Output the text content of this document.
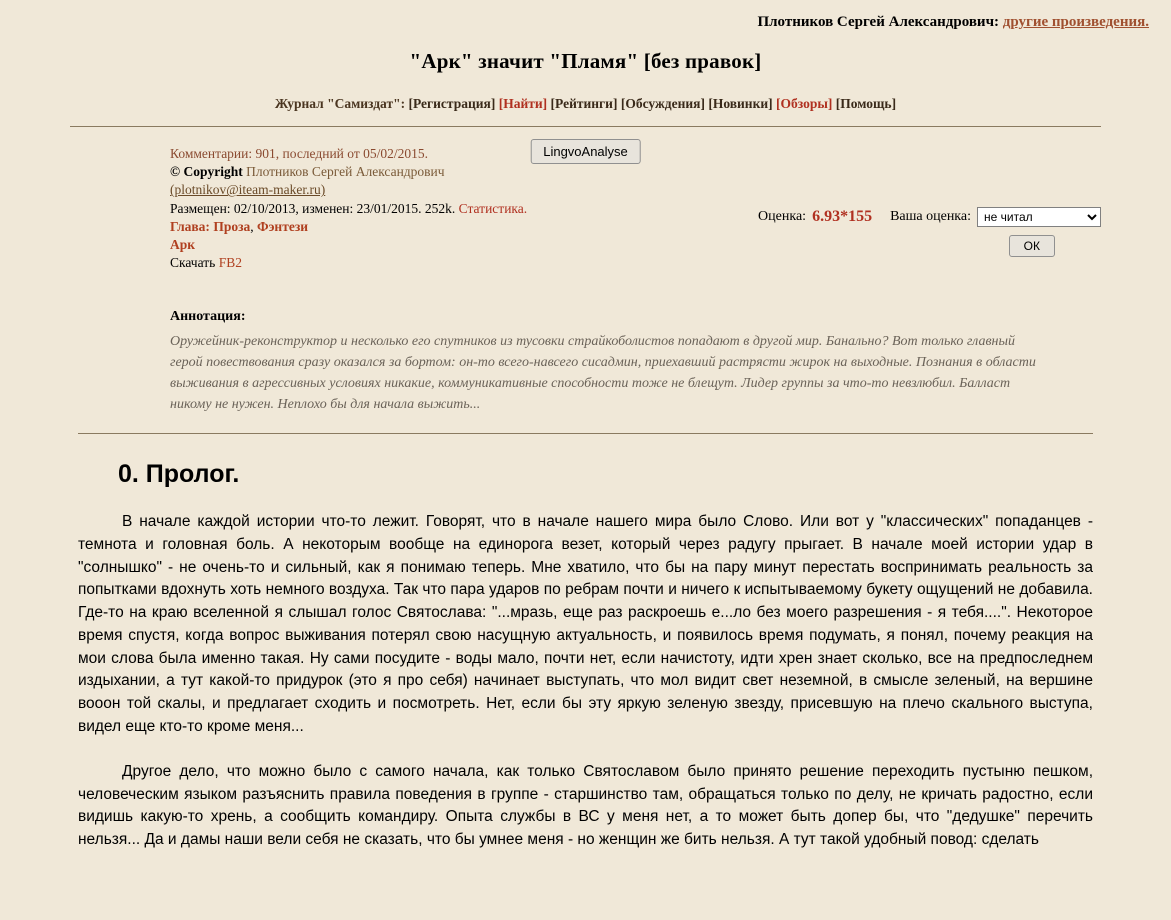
Плотников Сергей Александрович: другие произведения.
"Арк" значит "Пламя" [без правок]
Журнал "Самиздат": [Регистрация] [Найти] [Рейтинги] [Обсуждения] [Новинки] [Обзоры] [Помощь]
LingvoAnalyse
Комментарии: 901, последний от 05/02/2015.
© Copyright Плотников Сергей Александрович
(plotnikov@iteam-maker.ru)
Размещен: 02/10/2013, изменен: 23/01/2015. 252k. Статистика.
Глава: Проза, Фэнтези
Арк
Скачать FB2
Оценка: 6.93*155 Ваша оценка:
не читал
ОК
Аннотация:
Оружейник-реконструктор и несколько его спутников из тусовки страйкоболистов попадают в другой мир. Банально? Вот только главный герой повествования сразу оказался за бортом: он-то всего-навсего сисадмин, приехавший растрясти жирок на выходные. Познания в области выживания в агрессивных условиях никакие, коммуникативные способности тоже не блещут. Лидер группы за что-то невзлюбил. Балласт никому не нужен. Неплохо бы для начала выжить...
0. Пролог.

В начале каждой истории что-то лежит. Говорят, что в начале нашего мира было Слово. Или вот у "классических" попаданцев - темнота и головная боль. А некоторым вообще на единорога везет, который через радугу прыгает. В начале моей истории удар в "солнышко" - не очень-то и сильный, как я понимаю теперь. Мне хватило, что бы на пару минут перестать воспринимать реальность за попытками вдохнуть хоть немного воздуха. Так что пара ударов по ребрам почти и ничего к испытываемому букету ощущений не добавила. Где-то на краю вселенной я слышал голос Святослава: "...мразь, еще раз раскроешь е...ло без моего разрешения - я тебя....". Некоторое время спустя, когда вопрос выживания потерял свою насущную актуальность, и появилось время подумать, я понял, почему реакция на мои слова была именно такая. Ну сами посудите - воды мало, почти нет, если начистоту, идти хрен знает сколько, все на предпоследнем издыхании, а тут какой-то придурок (это я про себя) начинает выступать, что мол видит свет неземной, в смысле зеленый, на вершине вооон той скалы, и предлагает сходить и посмотреть. Нет, если бы эту яркую зеленую звезду, присевшую на плечо скального выступа, видел еще кто-то кроме меня...

Другое дело, что можно было с самого начала, как только Святославом было принято решение переходить пустыню пешком, человеческим языком разъяснить правила поведения в группе - старшинство там, обращаться только по делу, не кричать радостно, если видишь какую-то хрень, а сообщить командиру. Опыта службы в ВС у меня нет, а то может быть допер бы, что "дедушке" перечить нельзя... Да и дамы наши вели себя не сказать, что бы умнее меня - но женщин же бить нельзя. А тут такой удобный повод: сделать
